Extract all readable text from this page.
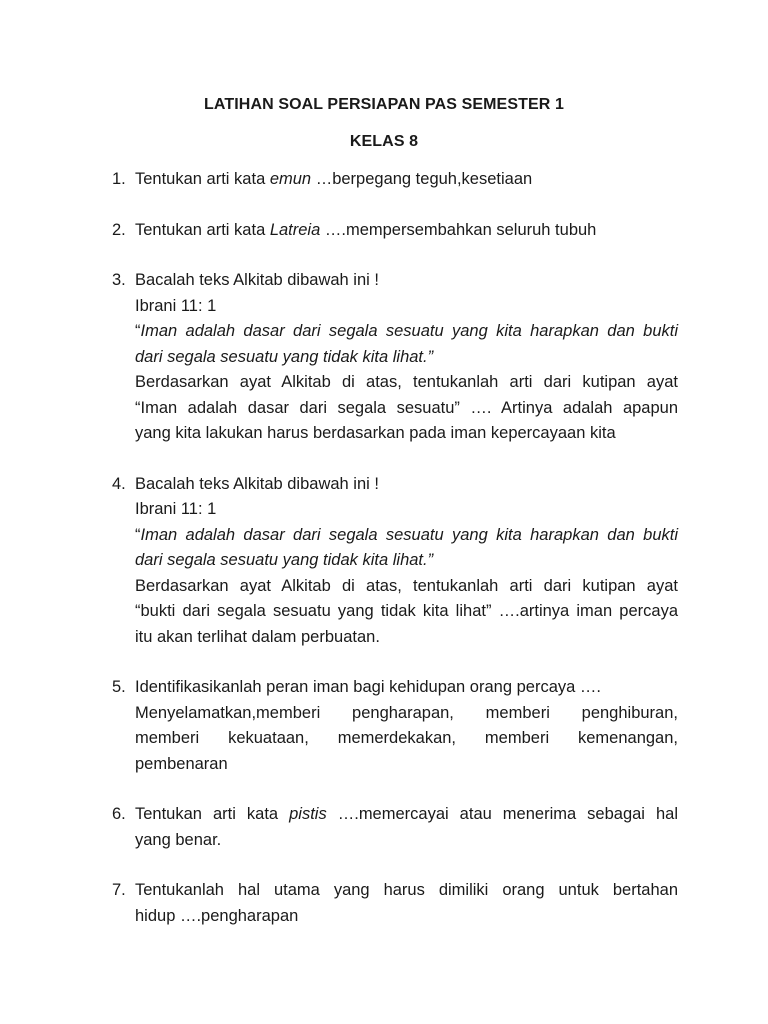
LATIHAN SOAL PERSIAPAN PAS SEMESTER 1
KELAS 8
1. Tentukan arti kata emun …berpegang teguh,kesetiaan
2. Tentukan arti kata Latreia ….mempersembahkan seluruh tubuh
3. Bacalah teks Alkitab dibawah ini !
Ibrani 11: 1
“Iman adalah dasar dari segala sesuatu yang kita harapkan dan bukti
dari segala sesuatu yang tidak kita lihat.”
Berdasarkan ayat Alkitab di atas, tentukanlah arti dari kutipan ayat
“Iman adalah dasar dari segala sesuatu” …. Artinya adalah apapun
yang kita lakukan harus berdasarkan pada iman kepercayaan kita
4. Bacalah teks Alkitab dibawah ini !
Ibrani 11: 1
“Iman adalah dasar dari segala sesuatu yang kita harapkan dan bukti
dari segala sesuatu yang tidak kita lihat.”
Berdasarkan ayat Alkitab di atas, tentukanlah arti dari kutipan ayat
“bukti dari segala sesuatu yang tidak kita lihat” ….artinya iman percaya
itu akan terlihat dalam perbuatan.
5. Identifikasikanlah peran iman bagi kehidupan orang percaya ….
Menyelamatkan,memberi pengharapan, memberi penghiburan,
memberi kekuataan, memerdekakan, memberi kemenangan,
pembenaran
6. Tentukan arti kata pistis ….memercayai atau menerima sebagai hal
yang benar.
7. Tentukanlah hal utama yang harus dimiliki orang untuk bertahan
hidup ….pengharapan
